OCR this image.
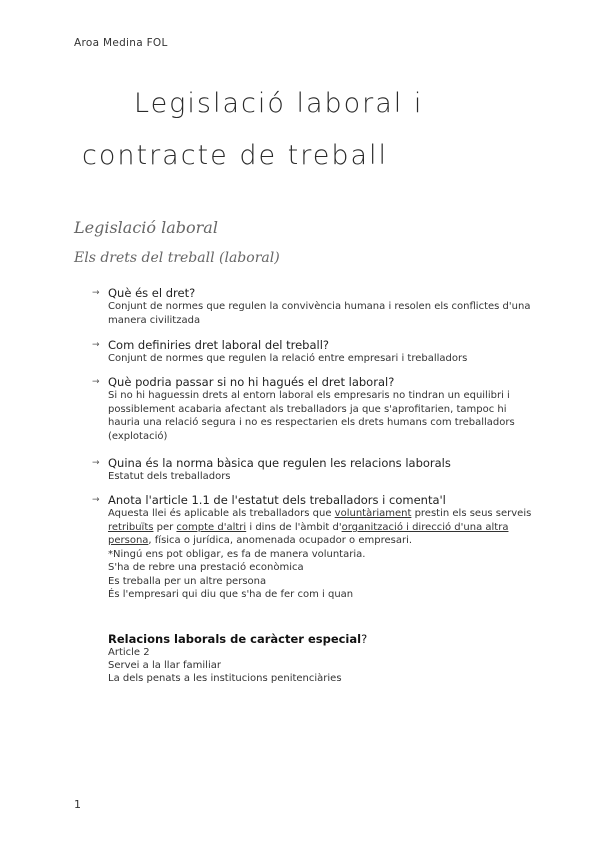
Aroa Medina FOL
Legislació laboral i
contracte de treball
Legislació laboral
Els drets del treball (laboral)
→ Què és el dret?
Conjunt de normes que regulen la convivència humana i resolen els conflictes d'una manera civilitzada
→ Com definiries dret laboral del treball?
Conjunt de normes que regulen la relació entre empresari i treballadors
→ Què podria passar si no hi hagués el dret laboral?
Si no hi haguessin drets al entorn laboral els empresaris no tindran un equilibri i possiblement acabaria afectant als treballadors ja que s'aprofitarien, tampoc hi hauria una relació segura i no es respectarien els drets humans com treballadors (explotació)
→ Quina és la norma bàsica que regulen les relacions laborals
Estatut dels treballadors
→ Anota l'article 1.1 de l'estatut dels treballadors i comenta'l
Aquesta llei és aplicable als treballadors que voluntàriament prestin els seus serveis retribuïts per compte d'altri i dins de l'àmbit d'organització i direcció d'una altra persona, física o jurídica, anomenada ocupador o empresari.
*Ningú ens pot obligar, es fa de manera voluntaria.
S'ha de rebre una prestació econòmica
Es treballa per un altre persona
És l'empresari qui diu que s'ha de fer com i quan
Relacions laborals de caràcter especial?
Article 2
Servei a la llar familiar
La dels penats a les institucions penitenciàries
1
